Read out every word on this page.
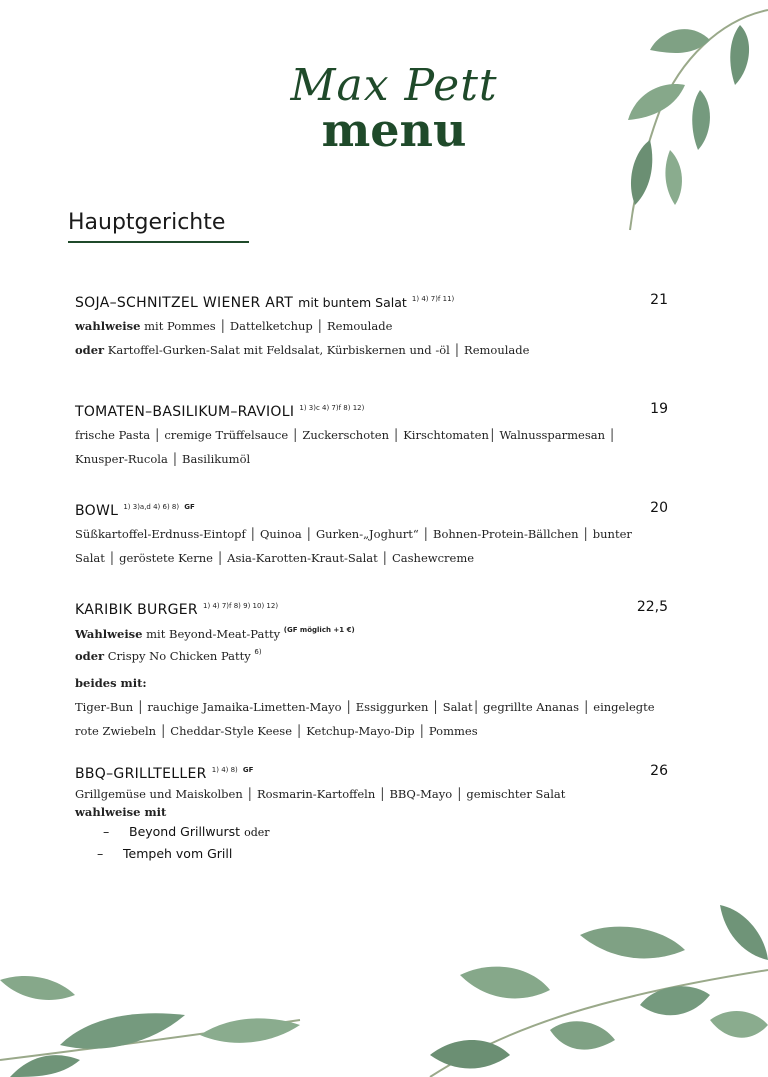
Max Pett
menu
Hauptgerichte
SOJA–SCHNITZEL WIENER ART mit buntem Salat $^{1) 4) 7)f 11)}$	21
wahlweise mit Pommes │ Dattelketchup │ Remoulade
oder Kartoffel-Gurken-Salat mit Feldsalat, Kürbiskernen und -öl │ Remoulade
TOMATEN–BASILIKUM–RAVIOLI $^{1) 3)c 4) 7)f 8) 12)}$	19
frische Pasta │ cremige Trüffelsauce │ Zuckerschoten │ Kirschtomaten│ Walnussparmesan │
Knusper-Rucola │ Basilikumöl
BOWL $^{1) 3)a,d 4) 6) 8)}$ $^{GF}$	20
Süßkartoffel-Erdnuss-Eintopf │ Quinoa │ Gurken-„Joghurt“ │ Bohnen-Protein-Bällchen │ bunter
Salat │ geröstete Kerne │ Asia-Karotten-Kraut-Salat │ Cashewcreme
KARIBIK BURGER $^{1) 4) 7)f 8) 9) 10) 12)}$	22,5
Wahlweise mit Beyond-Meat-Patty $^{(GF möglich +1 €)}$
oder Crispy No Chicken Patty $^{6)}$
beides mit:
Tiger-Bun │ rauchige Jamaika-Limetten-Mayo │ Essiggurken │ Salat│ gegrillte Ananas │ eingelegte
rote Zwiebeln │ Cheddar-Style Keese │ Ketchup-Mayo-Dip │ Pommes
BBQ–GRILLTELLER $^{1) 4) 8)}$ $^{GF}$	26
Grillgemüse und Maiskolben │ Rosmarin-Kartoffeln │ BBQ-Mayo │ gemischter Salat
wahlweise mit
– Beyond Grillwurst oder
– Tempeh vom Grill
